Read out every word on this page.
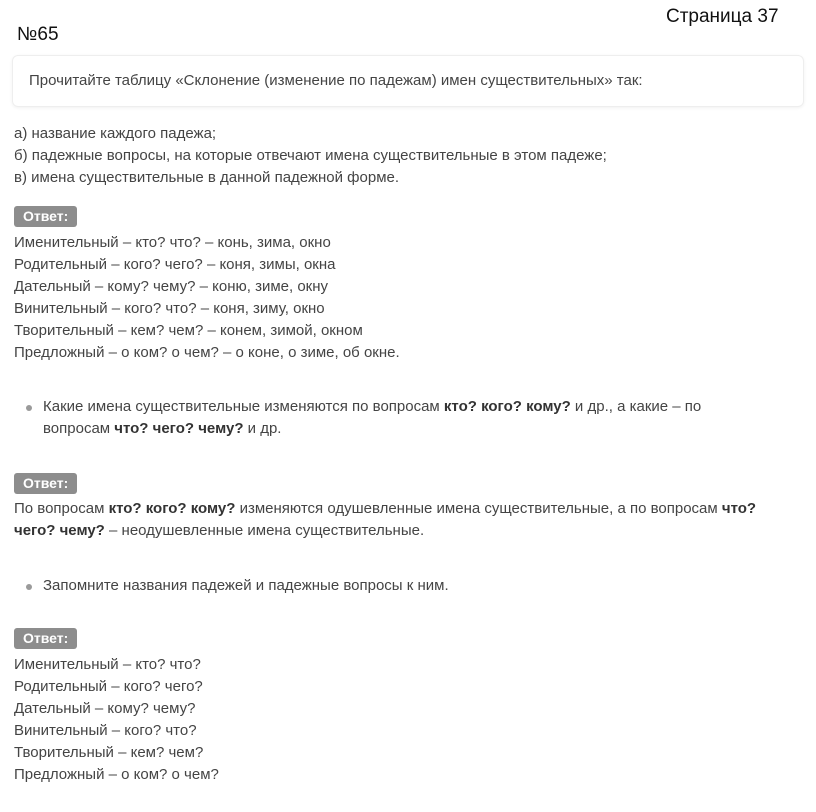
Страница 37
№65
Прочитайте таблицу «Склонение (изменение по падежам) имен существительных» так:
а) название каждого падежа;
б) падежные вопросы, на которые отвечают имена существительные в этом падеже;
в) имена существительные в данной падежной форме.
Ответ:
Именительный – кто? что? – конь, зима, окно
Родительный – кого? чего? – коня, зимы, окна
Дательный – кому? чему? – коню, зиме, окну
Винительный – кого? что? – коня, зиму, окно
Творительный – кем? чем? – конем, зимой, окном
Предложный – о ком? о чем? – о коне, о зиме, об окне.
Какие имена существительные изменяются по вопросам кто? кого? кому? и др., а какие – по
вопросам что? чего? чему? и др.
Ответ:
По вопросам кто? кого? кому? изменяются одушевленные имена существительные, а по вопросам что?
чего? чему? – неодушевленные имена существительные.
Запомните названия падежей и падежные вопросы к ним.
Ответ:
Именительный – кто? что?
Родительный – кого? чего?
Дательный – кому? чему?
Винительный – кого? что?
Творительный – кем? чем?
Предложный – о ком? о чем?
